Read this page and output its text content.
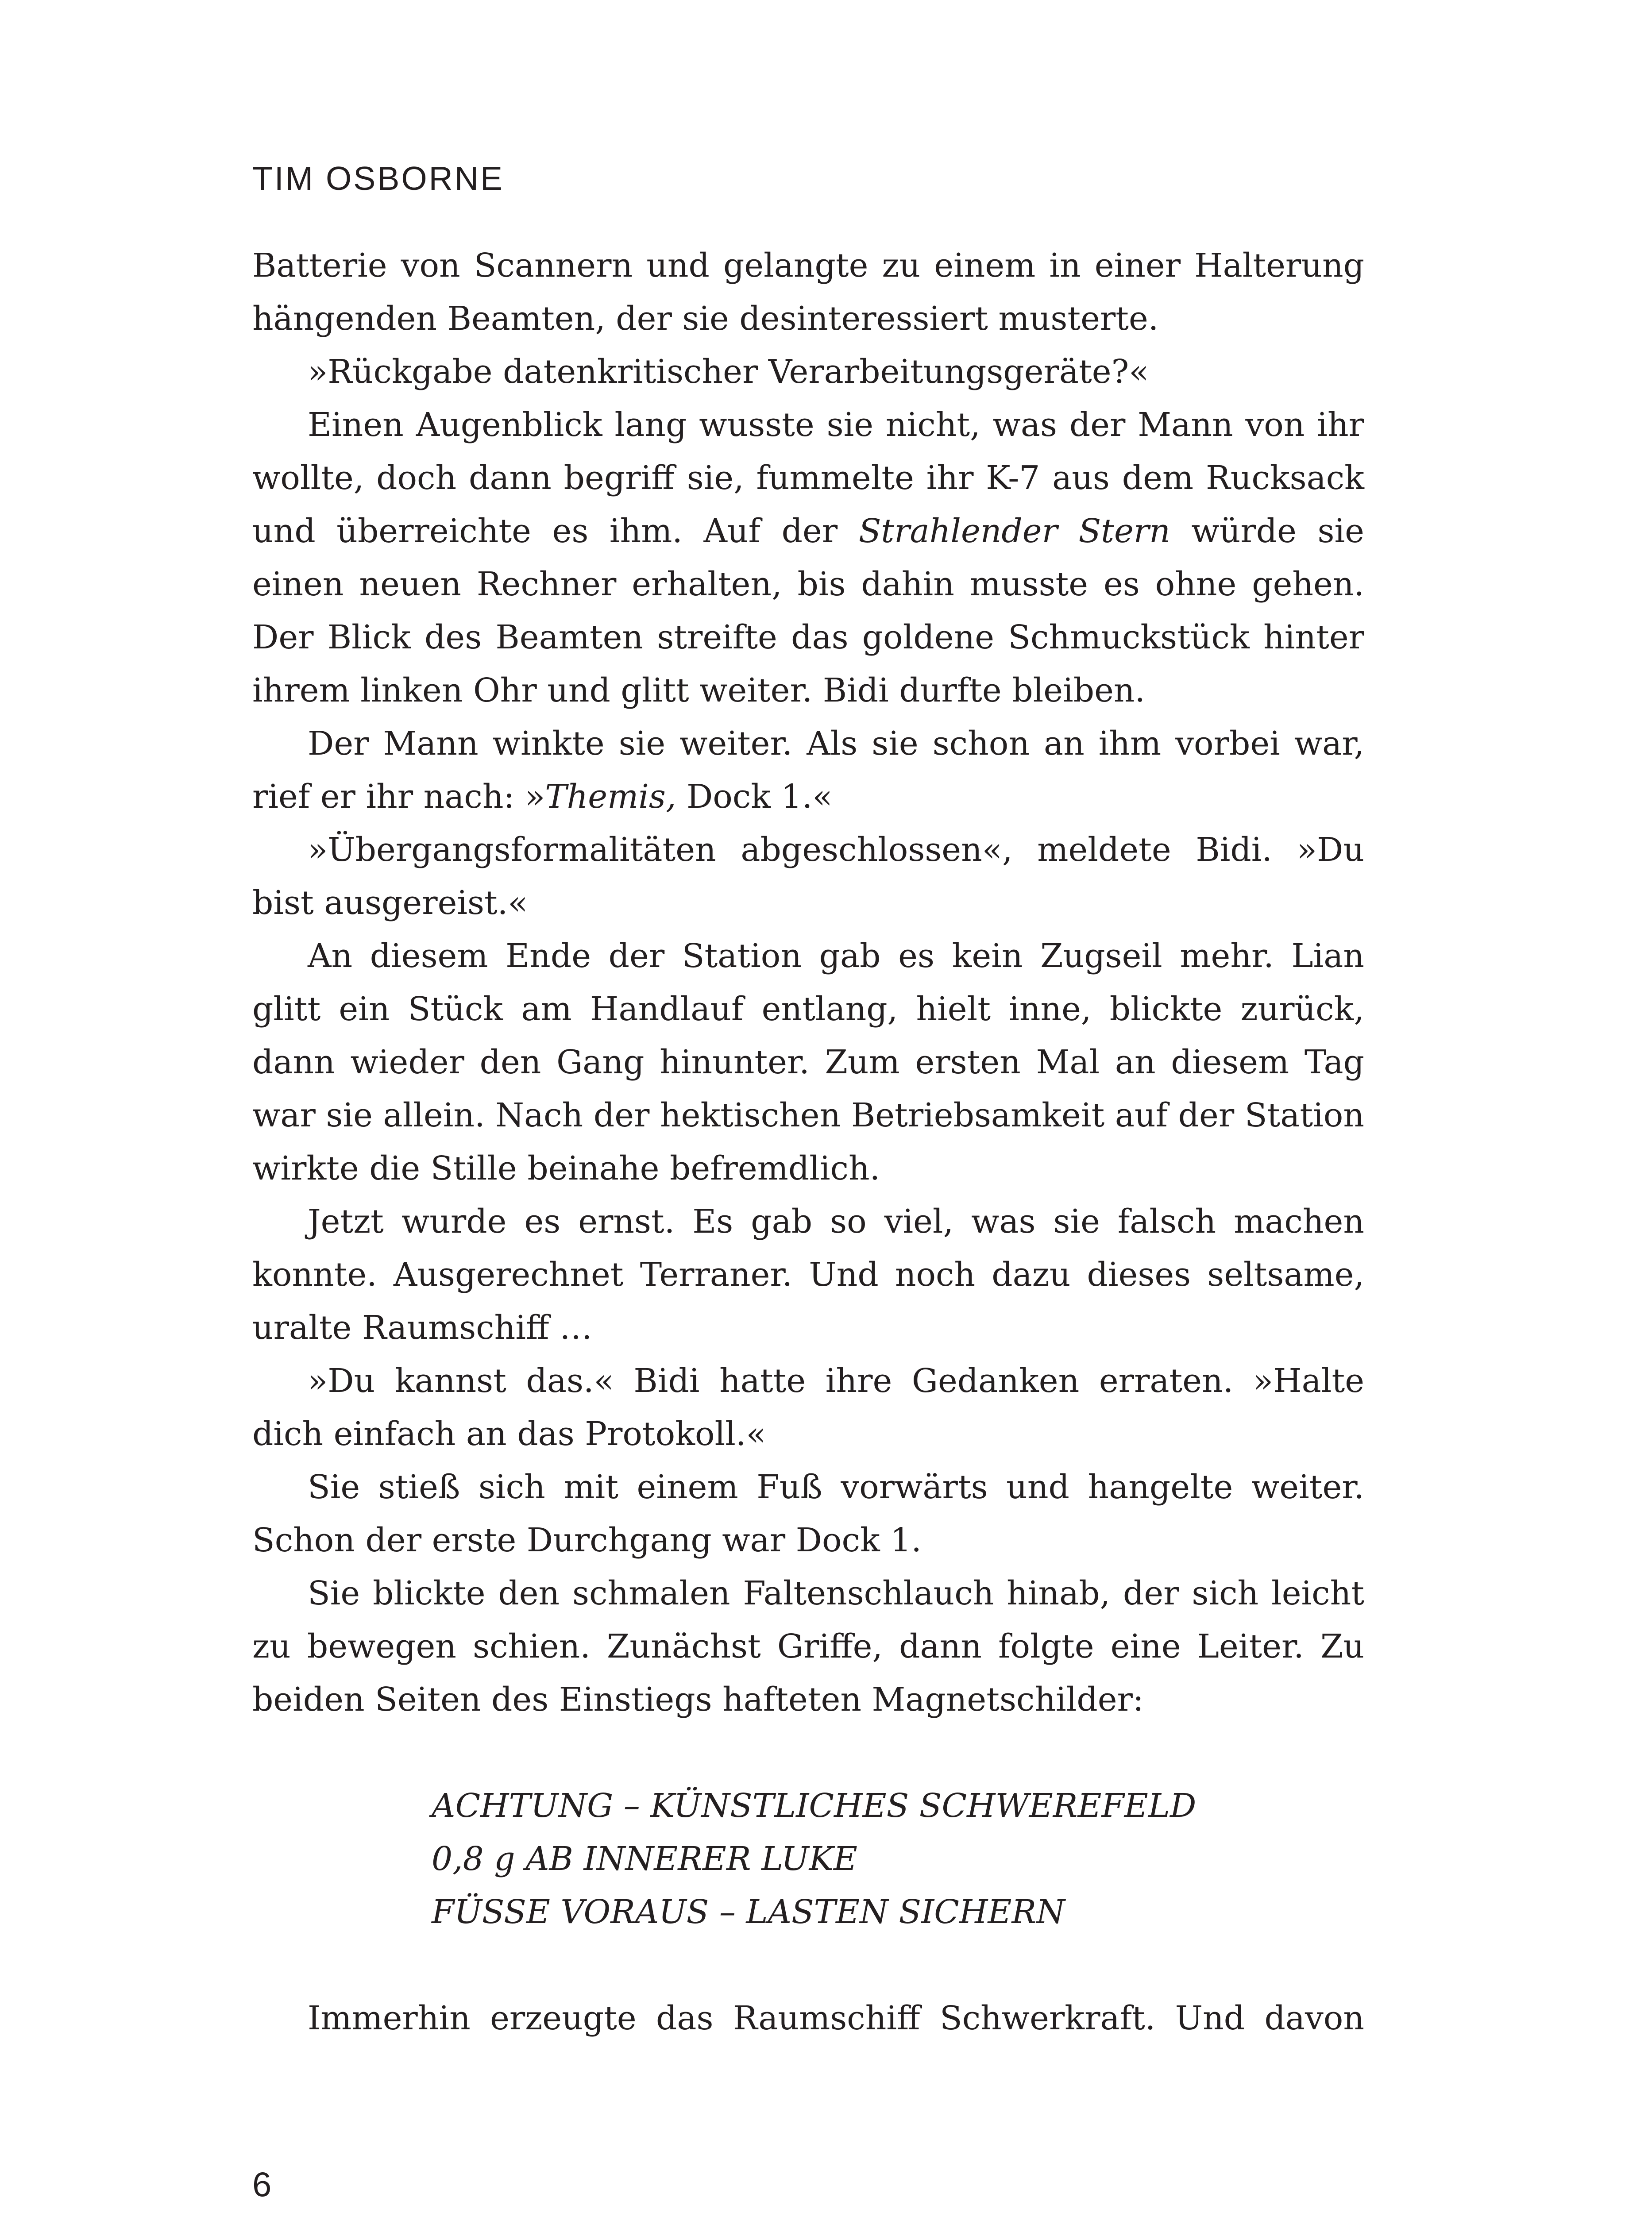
TIM OSBORNE

Batterie von Scannern und gelangte zu einem in einer Halterung hängenden Beamten, der sie desinteressiert musterte.

»Rückgabe datenkritischer Verarbeitungsgeräte?«

Einen Augenblick lang wusste sie nicht, was der Mann von ihr wollte, doch dann begriff sie, fummelte ihr K-7 aus dem Rucksack und überreichte es ihm. Auf der Strahlender Stern würde sie einen neuen Rechner erhalten, bis dahin musste es ohne gehen. Der Blick des Beamten streifte das goldene Schmuckstück hinter ihrem linken Ohr und glitt weiter. Bidi durfte bleiben.

Der Mann winkte sie weiter. Als sie schon an ihm vorbei war, rief er ihr nach: »Themis, Dock 1.«

»Übergangsformalitäten abgeschlossen«, meldete Bidi. »Du bist ausgereist.«

An diesem Ende der Station gab es kein Zugseil mehr. Lian glitt ein Stück am Handlauf entlang, hielt inne, blickte zurück, dann wieder den Gang hinunter. Zum ersten Mal an diesem Tag war sie allein. Nach der hektischen Betriebsamkeit auf der Station wirkte die Stille beinahe befremdlich.

Jetzt wurde es ernst. Es gab so viel, was sie falsch machen konnte. Ausgerechnet Terraner. Und noch dazu dieses seltsame, uralte Raumschiff …

»Du kannst das.« Bidi hatte ihre Gedanken erraten. »Halte dich einfach an das Protokoll.«

Sie stieß sich mit einem Fuß vorwärts und hangelte weiter. Schon der erste Durchgang war Dock 1.

Sie blickte den schmalen Faltenschlauch hinab, der sich leicht zu bewegen schien. Zunächst Griffe, dann folgte eine Leiter. Zu beiden Seiten des Einstiegs hafteten Magnetschilder:

ACHTUNG – KÜNSTLICHES SCHWEREFELD
0,8 g AB INNERER LUKE
FÜSSE VORAUS – LASTEN SICHERN

Immerhin erzeugte das Raumschiff Schwerkraft. Und davon

6
